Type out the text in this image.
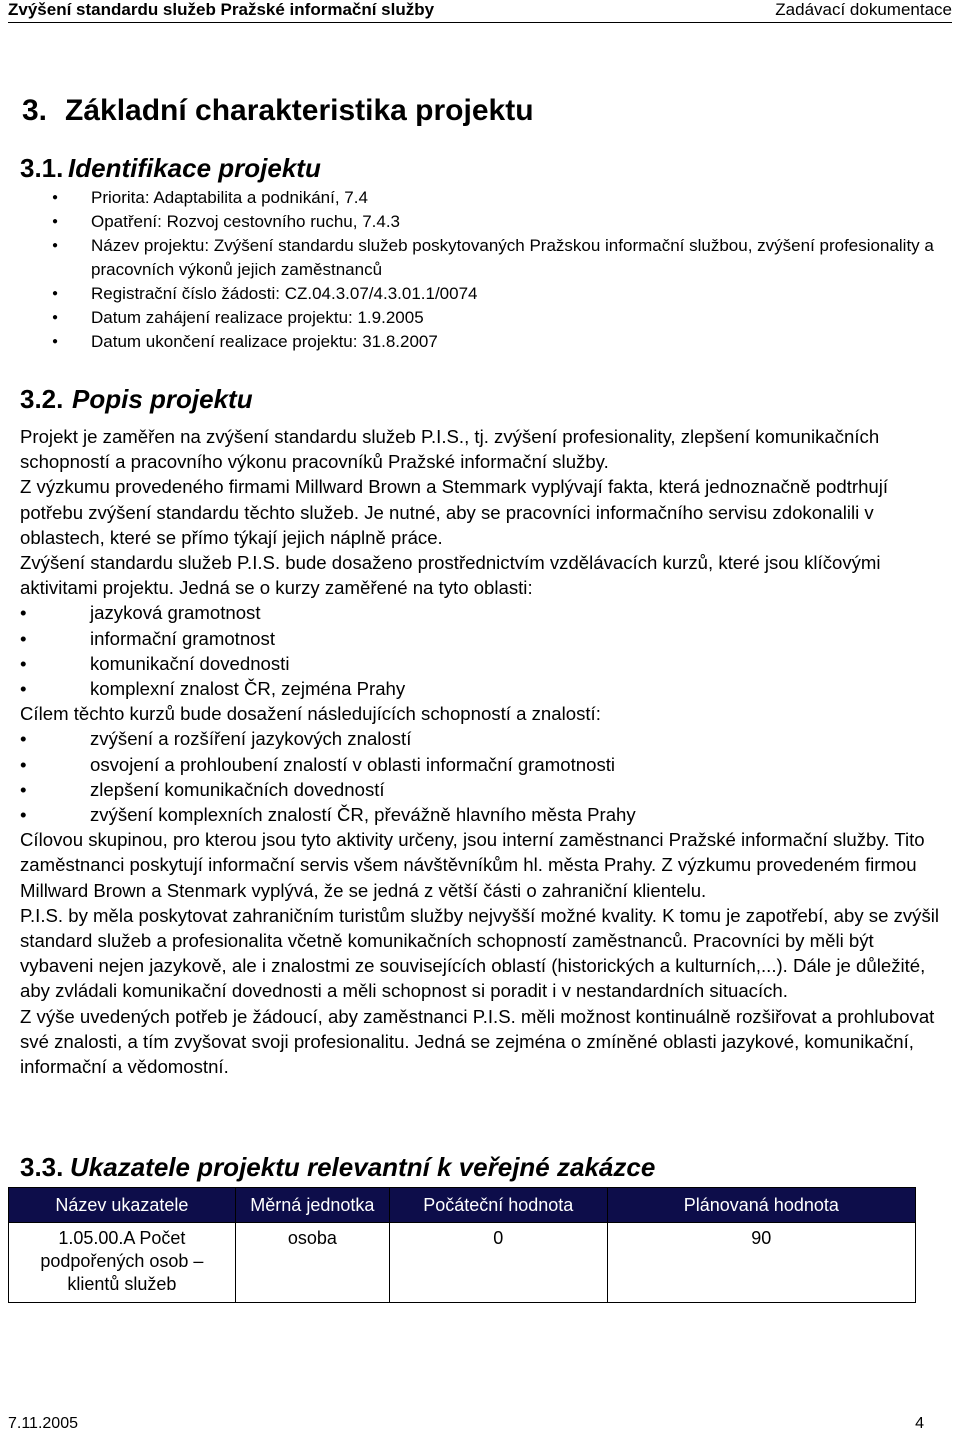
Zvýšení standardu služeb Pražské informační služby	Zadávací dokumentace
3. Základní charakteristika projektu
3.1. Identifikace projektu
● Priorita: Adaptabilita a podnikání, 7.4
● Opatření: Rozvoj cestovního ruchu, 7.4.3
● Název projektu: Zvýšení standardu služeb poskytovaných Pražskou informační službou, zvýšení profesionality a pracovních výkonů jejich zaměstnanců
● Registrační číslo žádosti: CZ.04.3.07/4.3.01.1/0074
● Datum zahájení realizace projektu: 1.9.2005
● Datum ukončení realizace projektu: 31.8.2007
3.2. Popis projektu

Projekt je zaměřen na zvýšení standardu služeb P.I.S., tj. zvýšení profesionality, zlepšení komunikačních schopností a pracovního výkonu pracovníků Pražské informační služby.

Z výzkumu provedeného firmami Millward Brown a Stemmark vyplývají fakta, která jednoznačně podtrhují potřebu zvýšení standardu těchto služeb. Je nutné, aby se pracovníci informačního servisu zdokonalili v oblastech, které se přímo týkají jejich náplně práce.

Zvýšení standardu služeb P.I.S. bude dosaženo prostřednictvím vzdělávacích kurzů, které jsou klíčovými aktivitami projektu. Jedná se o kurzy zaměřené na tyto oblasti:

• jazyková gramotnost
• informační gramotnost
• komunikační dovednosti
• komplexní znalost ČR, zejména Prahy

Cílem těchto kurzů bude dosažení následujících schopností a znalostí:

• zvýšení a rozšíření jazykových znalostí
• osvojení a prohloubení znalostí v oblasti informační gramotnosti
• zlepšení komunikačních dovedností
• zvýšení komplexních znalostí ČR, převážně hlavního města Prahy

Cílovou skupinou, pro kterou jsou tyto aktivity určeny, jsou interní zaměstnanci Pražské informační služby. Tito zaměstnanci poskytují informační servis všem návštěvníkům hl. města Prahy. Z výzkumu provedeném firmou Millward Brown a Stenmark vyplývá, že se jedná z větší části o zahraniční klientelu.

P.I.S. by měla poskytovat zahraničním turistům služby nejvyšší možné kvality. K tomu je zapotřebí, aby se zvýšil standard služeb a profesionalita včetně komunikačních schopností zaměstnanců. Pracovníci by měli být vybaveni nejen jazykově, ale i znalostmi ze souvisejících oblastí (historických a kulturních,...). Dále je důležité, aby zvládali komunikační dovednosti a měli schopnost si poradit i v nestandardních situacích.

Z výše uvedených potřeb je žádoucí, aby zaměstnanci P.I.S. měli možnost kontinuálně rozšiřovat a prohlubovat své znalosti, a tím zvyšovat svoji profesionalitu. Jedná se zejména o zmíněné oblasti jazykové, komunikační, informační a vědomostní.

3.3. Ukazatele projektu relevantní k veřejné zakázce
Název ukazatele	Měrná jednotka	Počáteční hodnota	Plánovaná hodnota
1.05.00.A Počet podpořených osob – klientů služeb	osoba	0	90
7.11.2005	4
